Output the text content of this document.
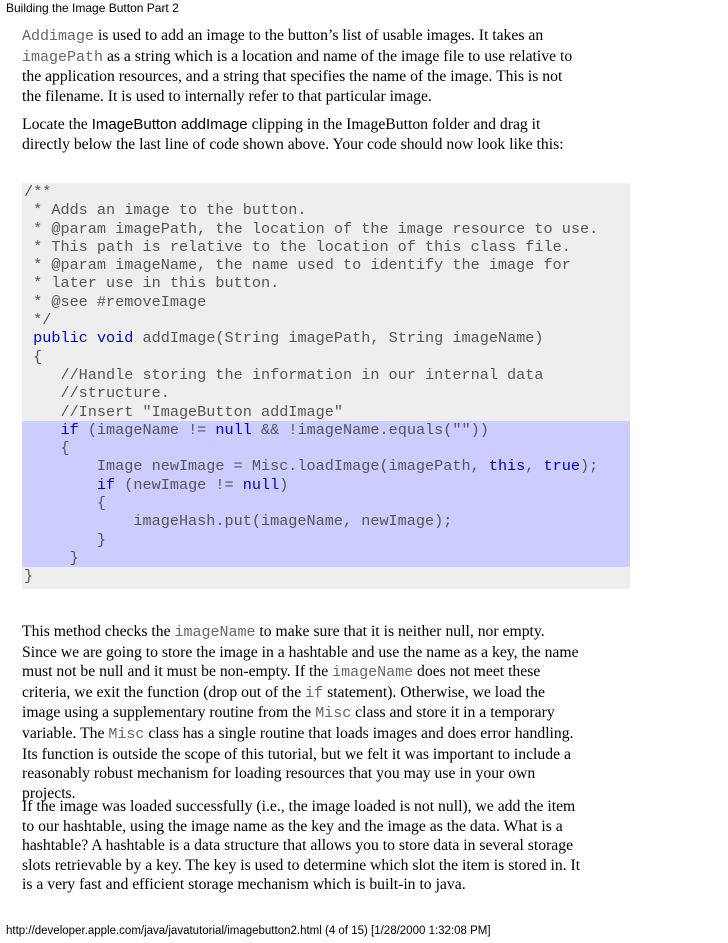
Building the Image Button Part 2
Addimage is used to add an image to the button’s list of usable images. It takes an
imagePath as a string which is a location and name of the image file to use relative to
the application resources, and a string that specifies the name of the image. This is not
the filename. It is used to internally refer to that particular image.
Locate the ImageButton addImage clipping in the ImageButton folder and drag it
directly below the last line of code shown above. Your code should now look like this:
/**
* Adds an image to the button.
* @param imagePath, the location of the image resource to use.
* This path is relative to the location of this class file.
* @param imageName, the name used to identify the image for
* later use in this button.
* @see #removeImage
*/
public void addImage(String imagePath, String imageName)
{
//Handle storing the information in our internal data
//structure.
//Insert "ImageButton addImage"
if (imageName != null && !imageName.equals(""))
{
Image newImage = Misc.loadImage(imagePath, this, true);
if (newImage != null)
{
imageHash.put(imageName, newImage);
}
}
}
This method checks the imageName to make sure that it is neither null, nor empty.
Since we are going to store the image in a hashtable and use the name as a key, the name
must not be null and it must be non-empty. If the imageName does not meet these
criteria, we exit the function (drop out of the if statement). Otherwise, we load the
image using a supplementary routine from the Misc class and store it in a temporary
variable. The Misc class has a single routine that loads images and does error handling.
Its function is outside the scope of this tutorial, but we felt it was important to include a
reasonably robust mechanism for loading resources that you may use in your own
projects.
If the image was loaded successfully (i.e., the image loaded is not null), we add the item
to our hashtable, using the image name as the key and the image as the data. What is a
hashtable? A hashtable is a data structure that allows you to store data in several storage
slots retrievable by a key. The key is used to determine which slot the item is stored in. It
is a very fast and efficient storage mechanism which is built-in to java.
http://developer.apple.com/java/javatutorial/imagebutton2.html (4 of 15) [1/28/2000 1:32:08 PM]
